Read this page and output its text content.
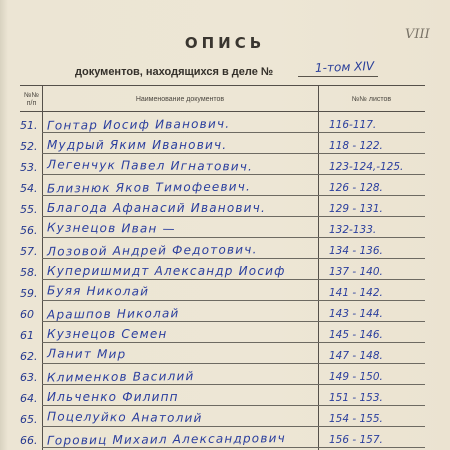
VIII
ОПИСЬ
документов, находящихся в деле №	1-том XIV
№№ п/п
Наименование документов	№№ листов
51. Гонтар Иосиф Иванович.	116-117.
52. Мудрый Яким Иванович.	118 - 122.
53. Легенчук Павел Игнатович.	123-124,-125.
54. Близнюк Яков Тимофеевич.	126 - 128.
55. Благода Афанасий Иванович.	129 - 131.
56. Кузнецов Иван —	132-133.
57. Лозовой Андрей Федотович.	134 - 136.
58. Куперишмидт Александр Иосиф	137 - 140.
59. Буяя Николай	141 - 142.
60	Арашпов Николай	143 - 144.
61	Кузнецов Семен	145 - 146.
62. Ланит Мир	147 - 148.
63. Клименков Василий	149 - 150.
64. Ильченко Филипп	151 - 153.
65. Поцелуйко Анатолий	154 - 155.
66. Горовиц Михаил Александрович	156 - 157.
